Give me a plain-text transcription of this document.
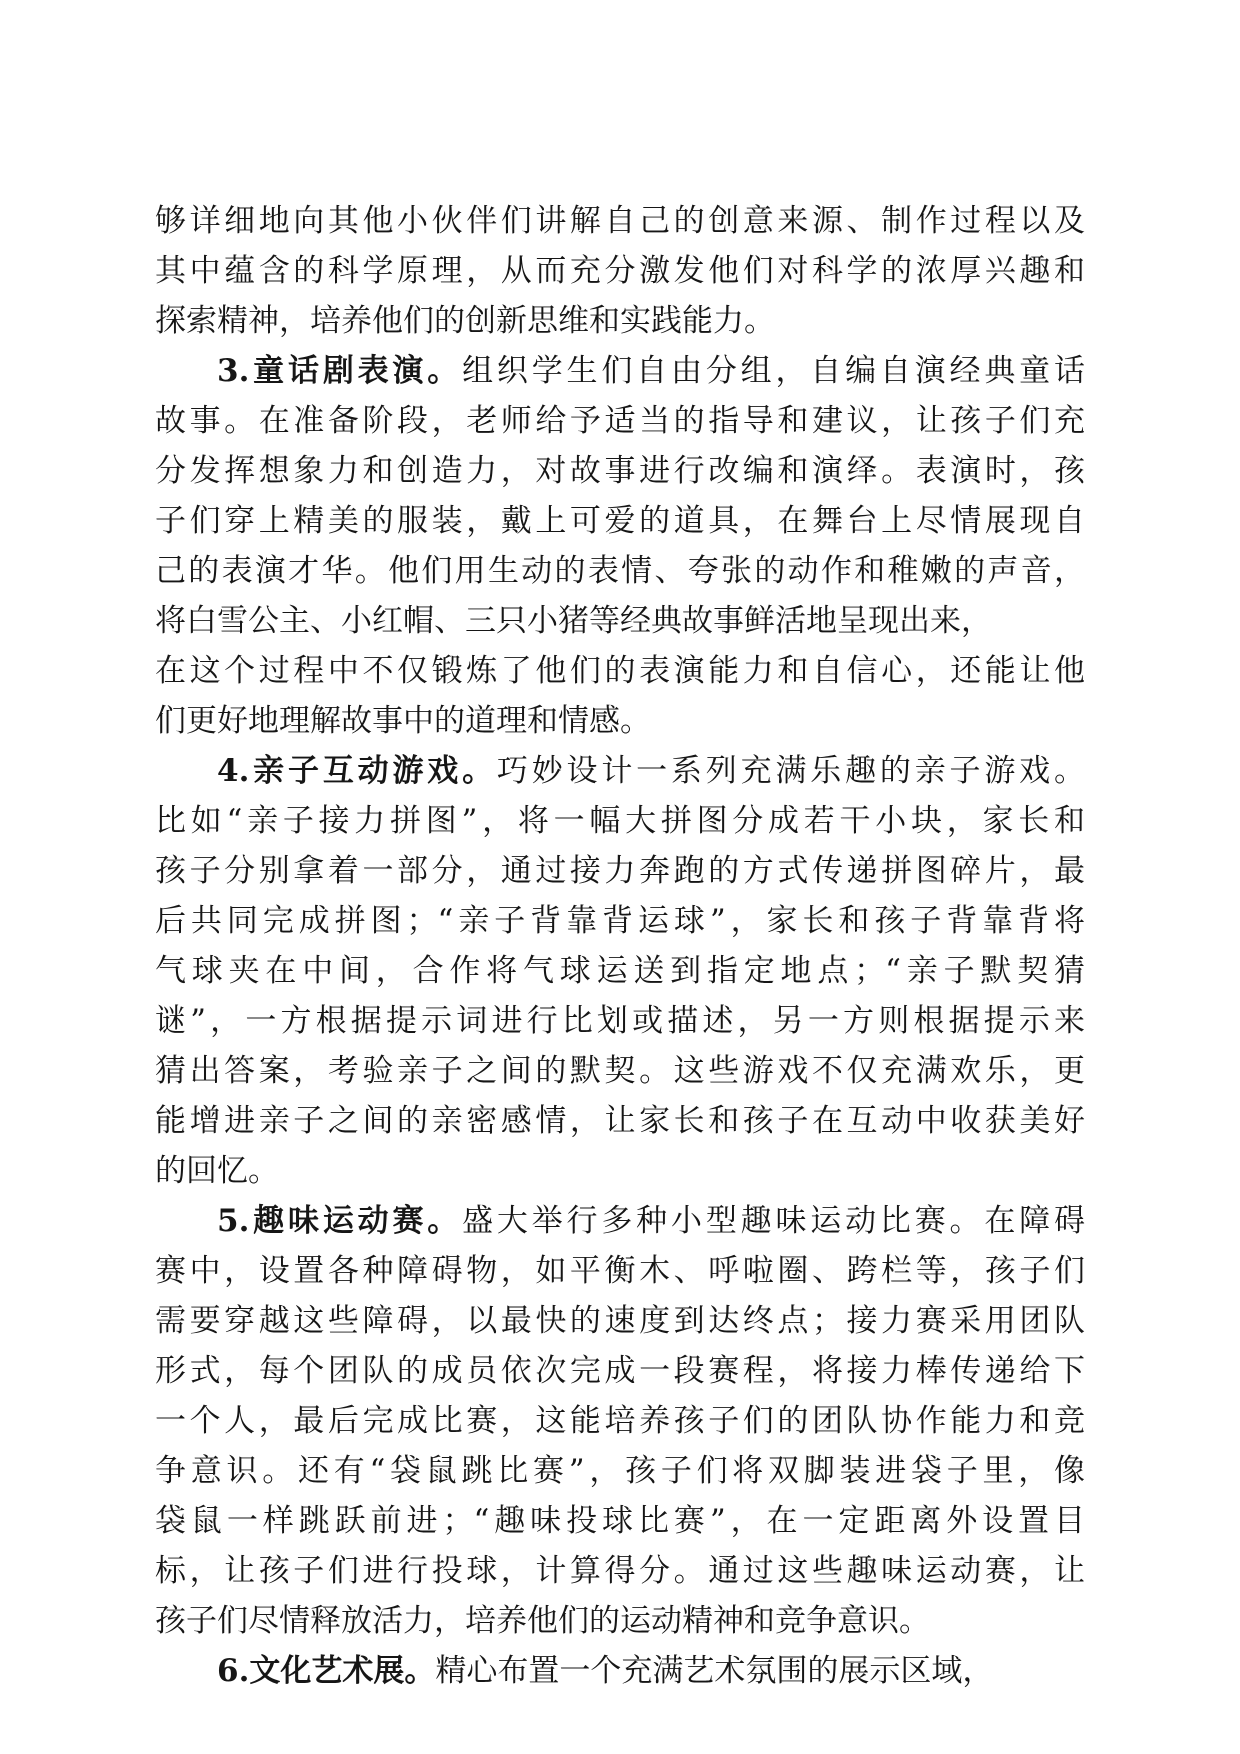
够详细地向其他小伙伴们讲解自己的创意来源、制作过程以及
其中蕴含的科学原理，从而充分激发他们对科学的浓厚兴趣和
探索精神，培养他们的创新思维和实践能力。
3.童话剧表演。组织学生们自由分组，自编自演经典童话
故事。在准备阶段，老师给予适当的指导和建议，让孩子们充
分发挥想象力和创造力，对故事进行改编和演绎。表演时，孩
子们穿上精美的服装，戴上可爱的道具，在舞台上尽情展现自
己的表演才华。他们用生动的表情、夸张的动作和稚嫩的声音，
将白雪公主、小红帽、三只小猪等经典故事鲜活地呈现出来，
在这个过程中不仅锻炼了他们的表演能力和自信心，还能让他
们更好地理解故事中的道理和情感。
4.亲子互动游戏。巧妙设计一系列充满乐趣的亲子游戏。
比如“亲子接力拼图”，将一幅大拼图分成若干小块，家长和
孩子分别拿着一部分，通过接力奔跑的方式传递拼图碎片，最
后共同完成拼图；“亲子背靠背运球”，家长和孩子背靠背将
气球夹在中间，合作将气球运送到指定地点；“亲子默契猜
谜”，一方根据提示词进行比划或描述，另一方则根据提示来
猜出答案，考验亲子之间的默契。这些游戏不仅充满欢乐，更
能增进亲子之间的亲密感情，让家长和孩子在互动中收获美好
的回忆。
5.趣味运动赛。盛大举行多种小型趣味运动比赛。在障碍
赛中，设置各种障碍物，如平衡木、呼啦圈、跨栏等，孩子们
需要穿越这些障碍，以最快的速度到达终点；接力赛采用团队
形式，每个团队的成员依次完成一段赛程，将接力棒传递给下
一个人，最后完成比赛，这能培养孩子们的团队协作能力和竞
争意识。还有“袋鼠跳比赛”，孩子们将双脚装进袋子里，像
袋鼠一样跳跃前进；“趣味投球比赛”，在一定距离外设置目
标，让孩子们进行投球，计算得分。通过这些趣味运动赛，让
孩子们尽情释放活力，培养他们的运动精神和竞争意识。
6.文化艺术展。精心布置一个充满艺术氛围的展示区域，
